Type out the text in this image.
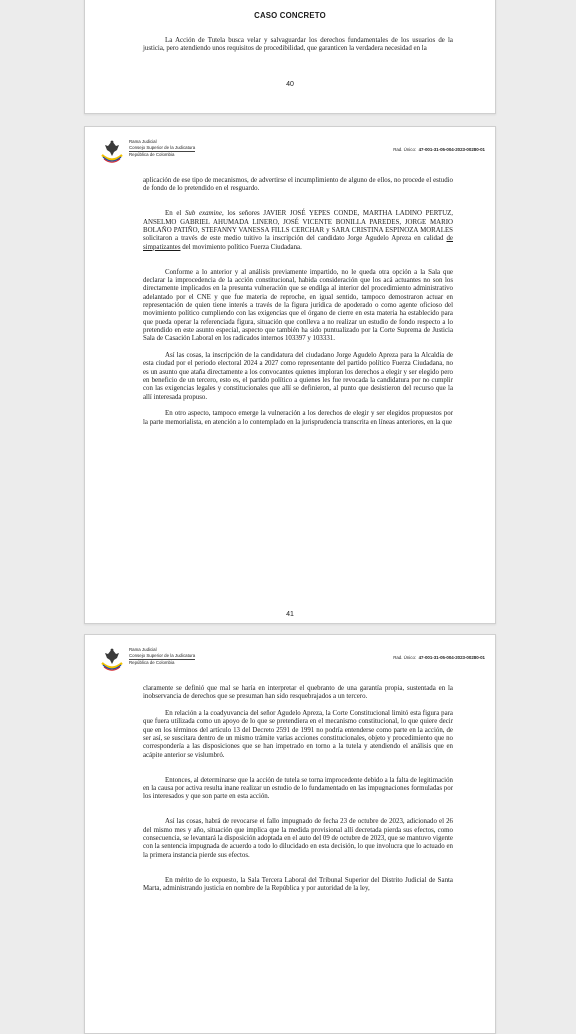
CASO CONCRETO

La Acción de Tutela busca velar y salvaguardar los derechos fundamentales de los usuarios de la justicia, pero atendiendo unos requisitos de procedibilidad, que garanticen la verdadera necesidad en la

40
Rama Judicial
Consejo Superior de la Judicatura
República de Colombia
Rad. Único: 47-001-31-05-004-2023-00280-01

aplicación de ese tipo de mecanismos, de advertirse el incumplimiento de alguno de ellos, no procede el estudio de fondo de lo pretendido en el resguardo.

En el Sub examine, los señores JAVIER JOSÉ YEPES CONDE, MARTHA LADINO PERTUZ, ANSELMO GABRIEL AHUMADA LINERO, JOSÉ VICENTE BONILLA PAREDES, JORGE MARIO BOLAÑO PATIÑO, STEFANNY VANESSA FILLS CERCHAR y SARA CRISTINA ESPINOZA MORALES solicitaron a través de este medio tuitivo la inscripción del candidato Jorge Agudelo Apreza en calidad de simpatizantes del movimiento político Fuerza Ciudadana.

Conforme a lo anterior y al análisis previamente impartido, no le queda otra opción a la Sala que declarar la improcedencia de la acción constitucional, habida consideración que los acá actuantes no son los directamente implicados en la presunta vulneración que se endilga al interior del procedimiento administrativo adelantado por el CNE y que fue materia de reproche, en igual sentido, tampoco demostraron actuar en representación de quien tiene interés a través de la figura jurídica de apoderado o como agente oficioso del movimiento político cumpliendo con las exigencias que el órgano de cierre en esta materia ha establecido para que pueda operar la referenciada figura, situación que conlleva a no realizar un estudio de fondo respecto a lo pretendido en este asunto especial, aspecto que también ha sido puntualizado por la Corte Suprema de Justicia Sala de Casación Laboral en los radicados internos 103397 y 103331.

Así las cosas, la inscripción de la candidatura del ciudadano Jorge Agudelo Apreza para la Alcaldía de esta ciudad por el periodo electoral 2024 a 2027 como representante del partido político Fuerza Ciudadana, no es un asunto que ataña directamente a los convocantes quienes imploran los derechos a elegir y ser elegido pero en beneficio de un tercero, esto es, el partido político a quienes les fue revocada la candidatura por no cumplir con las exigencias legales y constitucionales que allí se definieron, al punto que desistieron del recurso que la allí interesada propuso.

En otro aspecto, tampoco emerge la vulneración a los derechos de elegir y ser elegidos propuestos por la parte memorialista, en atención a lo contemplado en la jurisprudencia transcrita en líneas anteriores, en la que

41
Rama Judicial
Consejo Superior de la Judicatura
República de Colombia
Rad. Único: 47-001-31-05-004-2023-00280-01

claramente se definió que mal se haría en interpretar el quebranto de una garantía propia, sustentada en la inobservancia de derechos que se presuman han sido resquebrajados a un tercero.

En relación a la coadyuvancia del señor Agudelo Apreza, la Corte Constitucional limitó esta figura para que fuera utilizada como un apoyo de lo que se pretendiera en el mecanismo constitucional, lo que quiere decir que en los términos del artículo 13 del Decreto 2591 de 1991 no podría entenderse como parte en la acción, de ser así, se suscitara dentro de un mismo trámite varias acciones constitucionales, objeto y procedimiento que no correspondería a las disposiciones que se han impetrado en torno a la tutela y atendiendo el análisis que en acápite anterior se vislumbró.

Entonces, al determinarse que la acción de tutela se torna improcedente debido a la falta de legitimación en la causa por activa resulta inane realizar un estudio de lo fundamentado en las impugnaciones formuladas por los interesados y que son parte en esta acción.

Así las cosas, habrá de revocarse el fallo impugnado de fecha 23 de octubre de 2023, adicionado el 26 del mismo mes y año, situación que implica que la medida provisional allí decretada pierda sus efectos, como consecuencia, se levantará la disposición adoptada en el auto del 09 de octubre de 2023, que se mantuvo vigente con la sentencia impugnada de acuerdo a todo lo dilucidado en esta decisión, lo que involucra que lo actuado en la primera instancia pierde sus efectos.

En mérito de lo expuesto, la Sala Tercera Laboral del Tribunal Superior del Distrito Judicial de Santa Marta, administrando justicia en nombre de la República y por autoridad de la ley,
